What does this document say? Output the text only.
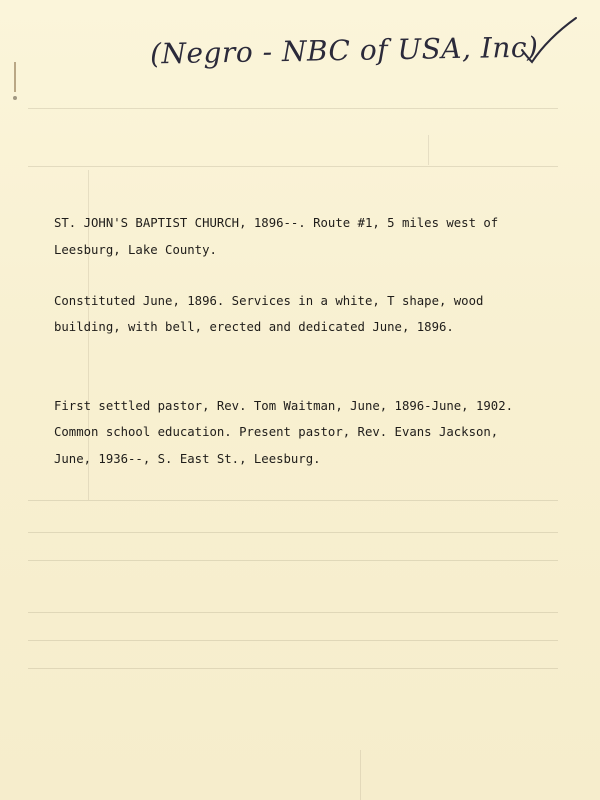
(Negro - NBC of USA, Inc)
ST. JOHN'S BAPTIST CHURCH, 1896--. Route #1, 5 miles west of
Leesburg, Lake County.
Constituted June, 1896. Services in a white, T shape, wood
building, with bell, erected and dedicated June, 1896.
First settled pastor, Rev. Tom Waitman, June, 1896-June, 1902.
Common school education. Present pastor, Rev. Evans Jackson,
June, 1936--, S. East St., Leesburg.
